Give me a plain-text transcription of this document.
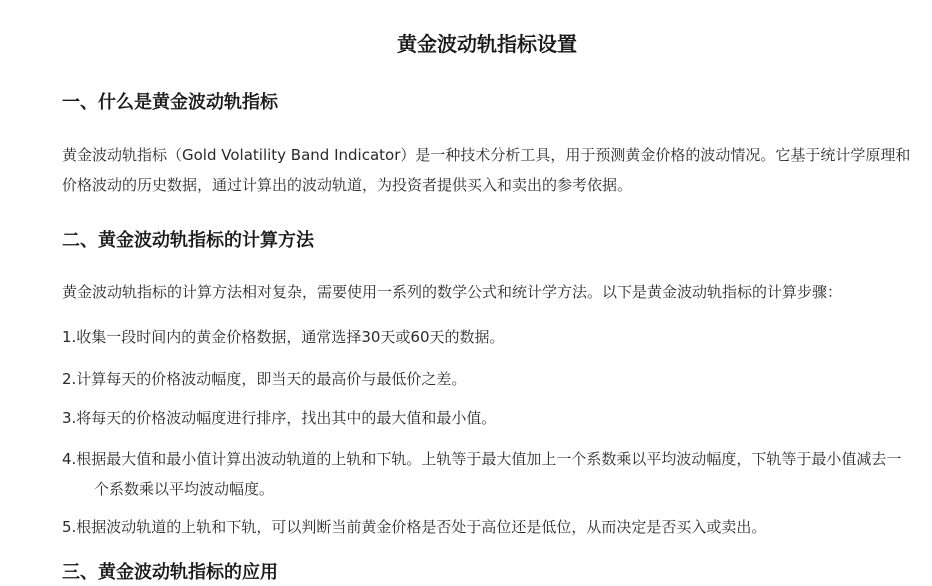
黄金波动轨指标设置
一、什么是黄金波动轨指标

黄金波动轨指标（Gold Volatility Band Indicator）是一种技术分析工具，用于预测黄金价格的波动情况。它基于统计学原理和价格波动的历史数据，通过计算出的波动轨道，为投资者提供买入和卖出的参考依据。

二、黄金波动轨指标的计算方法

黄金波动轨指标的计算方法相对复杂，需要使用一系列的数学公式和统计学方法。以下是黄金波动轨指标的计算步骤：

1.收集一段时间内的黄金价格数据，通常选择30天或60天的数据。

2.计算每天的价格波动幅度，即当天的最高价与最低价之差。

3.将每天的价格波动幅度进行排序，找出其中的最大值和最小值。

4.根据最大值和最小值计算出波动轨道的上轨和下轨。上轨等于最大值加上一个系数乘以平均波动幅度，下轨等于最小值减去一个系数乘以平均波动幅度。

5.根据波动轨道的上轨和下轨，可以判断当前黄金价格是否处于高位还是低位，从而决定是否买入或卖出。

三、黄金波动轨指标的应用
